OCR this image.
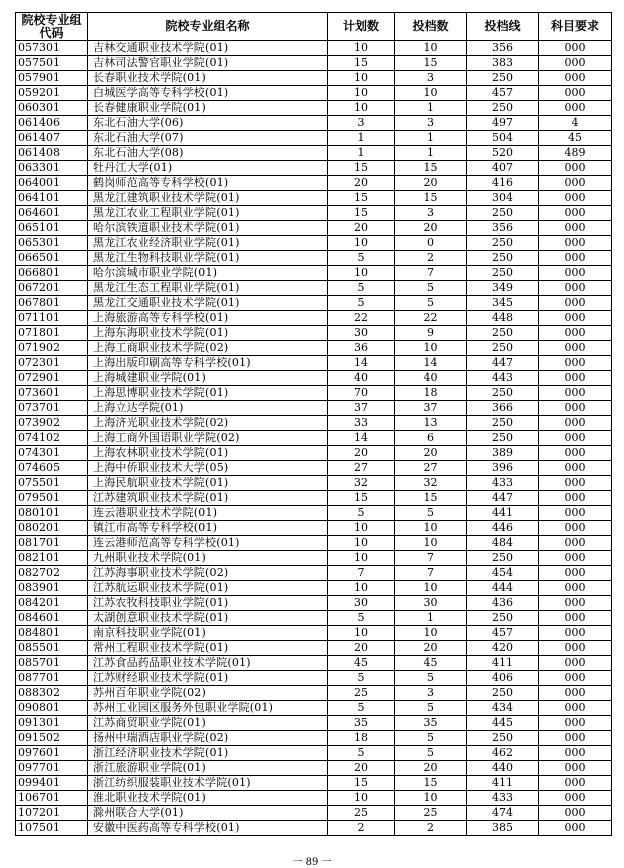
院校专业组代码	院校专业组名称	计划数	投档数	投档线	科目要求
057301	吉林交通职业技术学院(01)	10	10	356	000
057501	吉林司法警官职业学院(01)	15	15	383	000
057901	长春职业技术学院(01)	10	3	250	000
059201	白城医学高等专科学校(01)	10	10	457	000
060301	长春健康职业学院(01)	10	1	250	000
061406	东北石油大学(06)	3	3	497	4
061407	东北石油大学(07)	1	1	504	45
061408	东北石油大学(08)	1	1	520	489
063301	牡丹江大学(01)	15	15	407	000
064001	鹤岗师范高等专科学校(01)	20	20	416	000
064101	黑龙江建筑职业技术学院(01)	15	15	304	000
064601	黑龙江农业工程职业学院(01)	15	3	250	000
065101	哈尔滨铁道职业技术学院(01)	20	20	356	000
065301	黑龙江农业经济职业学院(01)	10	0	250	000
066501	黑龙江生物科技职业学院(01)	5	2	250	000
066801	哈尔滨城市职业学院(01)	10	7	250	000
067201	黑龙江生态工程职业学院(01)	5	5	349	000
067801	黑龙江交通职业技术学院(01)	5	5	345	000
071101	上海旅游高等专科学校(01)	22	22	448	000
071801	上海东海职业技术学院(01)	30	9	250	000
071902	上海工商职业技术学院(02)	36	10	250	000
072301	上海出版印刷高等专科学校(01)	14	14	447	000
072901	上海城建职业学院(01)	40	40	443	000
073601	上海思博职业技术学院(01)	70	18	250	000
073701	上海立达学院(01)	37	37	366	000
073902	上海济光职业技术学院(02)	33	13	250	000
074102	上海工商外国语职业学院(02)	14	6	250	000
074301	上海农林职业技术学院(01)	20	20	389	000
074605	上海中侨职业技术大学(05)	27	27	396	000
075501	上海民航职业技术学院(01)	32	32	433	000
079501	江苏建筑职业技术学院(01)	15	15	447	000
080101	连云港职业技术学院(01)	5	5	441	000
080201	镇江市高等专科学校(01)	10	10	446	000
081701	连云港师范高等专科学校(01)	10	10	484	000
082101	九州职业技术学院(01)	10	7	250	000
082702	江苏海事职业技术学院(02)	7	7	454	000
083901	江苏航运职业技术学院(01)	10	10	444	000
084201	江苏农牧科技职业学院(01)	30	30	436	000
084601	太湖创意职业技术学院(01)	5	1	250	000
084801	南京科技职业学院(01)	10	10	457	000
085501	常州工程职业技术学院(01)	20	20	420	000
085701	江苏食品药品职业技术学院(01)	45	45	411	000
087701	江苏财经职业技术学院(01)	5	5	406	000
088302	苏州百年职业学院(02)	25	3	250	000
090801	苏州工业园区服务外包职业学院(01)	5	5	434	000
091301	江苏商贸职业学院(01)	35	35	445	000
091502	扬州中瑞酒店职业学院(02)	18	5	250	000
097601	浙江经济职业技术学院(01)	5	5	462	000
097701	浙江旅游职业学院(01)	20	20	440	000
099401	浙江纺织服装职业技术学院(01)	15	15	411	000
106701	淮北职业技术学院(01)	10	10	433	000
107201	滁州联合大学(01)	25	25	474	000
107501	安徽中医药高等专科学校(01)	2	2	385	000
一 89 一
